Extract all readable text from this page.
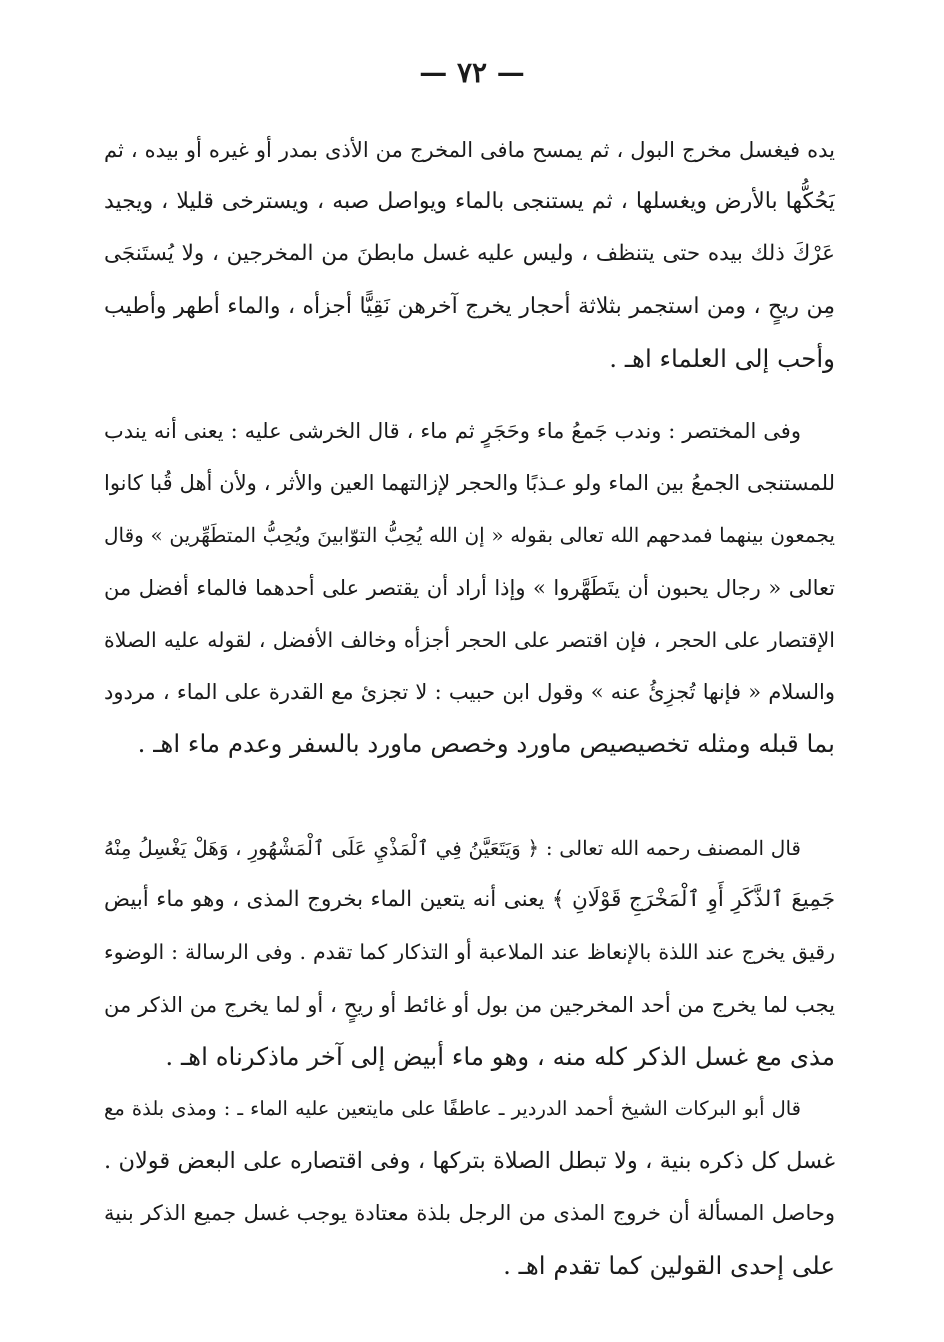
— ٧٢ —
يده فيغسل مخرج البول ، ثم يمسح مافى المخرج من الأذى بمدر أو غيره أو بيده ، ثم
يَحُكُّها بالأرض ويغسلها ، ثم يستنجى بالماء ويواصل صبه ، ويسترخى قليلا ، ويجيد
عَرْكَ ذلك بيده حتى يتنظف ، وليس عليه غسل مابطنَ من المخرجين ، ولا يُستَنجَى
مِن ريحٍ ، ومن استجمر بثلاثة أحجار يخرج آخرهن نَقِيًّا أجزأه ، والماء أطهر وأطيب
وأحب إلى العلماء اهـ .
وفى المختصر : وندب جَمعُ ماء وحَجَرٍ ثم ماء ، قال الخرشى عليه : يعنى أنه يندب
للمستنجى الجمعُ بين الماء ولو عـذبًا والحجر لإزالتهما العين والأثر ، ولأن أهل قُبا كانوا
يجمعون بينهما فمدحهم الله تعالى بقوله « إن الله يُحِبُّ التوّابينَ ويُحِبُّ المتطَهِّرين » وقال
تعالى « رجال يحبون أن يتَطَهَّروا » وإذا أراد أن يقتصر على أحدهما فالماء أفضل من
الإقتصار على الحجر ، فإن اقتصر على الحجر أجزأه وخالف الأفضل ، لقوله عليه الصلاة
والسلام « فإنها تُجزِئُ عنه » وقول ابن حبيب : لا تجزئ مع القدرة على الماء ، مردود
بما قبله ومثله تخصيصيص ماورد وخصص ماورد بالسفر وعدم ماء اهـ .
قال المصنف رحمه الله تعالى : ﴿ وَيَتَعَيَّنُ فِي ٱلْمَذْيِ عَلَى ٱلْمَشْهُورِ ، وَهَلْ يَغْسِلُ مِنْهُ
جَمِيعَ ٱلذَّكَرِ أَوِ ٱلْمَخْرَجِ قَوْلَانِ ﴾ يعنى أنه يتعين الماء بخروج المذى ، وهو ماء أبيض
رقيق يخرج عند اللذة بالإنعاظ عند الملاعبة أو التذكار كما تقدم . وفى الرسالة : الوضوء
يجب لما يخرج من أحد المخرجين من بول أو غائط أو ريحٍ ، أو لما يخرج من الذكر من
مذى مع غسل الذكر كله منه ، وهو ماء أبيض إلى آخر ماذكرناه اهـ .
قال أبو البركات الشيخ أحمد الدردير ـ عاطفًا على مايتعين عليه الماء ـ : ومذى بلذة مع
غسل كل ذكره بنية ، ولا تبطل الصلاة بتركها ، وفى اقتصاره على البعض قولان .
وحاصل المسألة أن خروج المذى من الرجل بلذة معتادة يوجب غسل جميع الذكر بنية
على إحدى القولين كما تقدم اهـ .
